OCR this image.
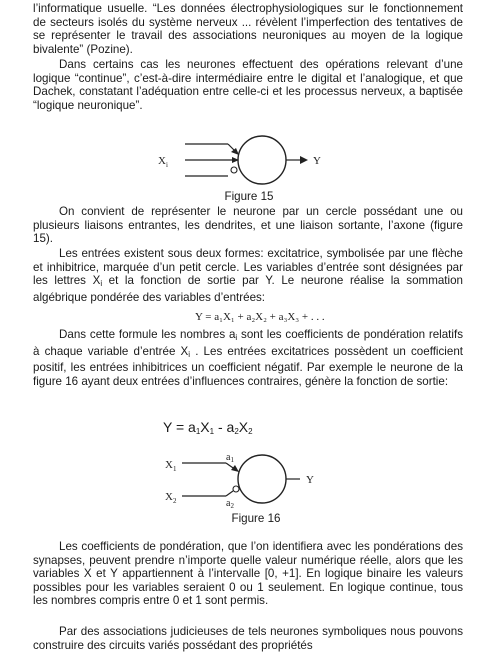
l’informatique usuelle. “Les données électrophysiologiques sur le fonctionnement de secteurs isolés du système nerveux ... révèlent l’imperfection des tentatives de se représenter le travail des associations neuroniques au moyen de la logique bivalente” (Pozine).

Dans certains cas les neurones effectuent des opérations relevant d’une logique “continue”, c’est-à-dire intermédiaire entre le digital et l’analogique, et que Dachek, constatant l’adéquation entre celle-ci et les processus nerveux, a baptisée “logique neuronique”.

$X_i$	Y
Figure 15

On convient de représenter le neurone par un cercle possédant une ou plusieurs liaisons entrantes, les dendrites, et une liaison sortante, l’axone (figure 15).

Les entrées existent sous deux formes: excitatrice, symbolisée par une flèche et inhibitrice, marquée d’un petit cercle. Les variables d’entrée sont désignées par les lettres $X_i$ et la fonction de sortie par Y. Le neurone réalise la sommation algébrique pondérée des variables d’entrées:

Y = a₁X₁ + a₂X₂ + a₃X₃ + . . .

Dans cette formule les nombres $a_i$ sont les coefficients de pondération relatifs à chaque variable d’entrée $X_i$ . Les entrées excitatrices possèdent un coefficient positif, les entrées inhibitrices un coefficient négatif. Par exemple le neurone de la figure 16 ayant deux entrées d’influences contraires, génère la fonction de sortie:

$Y = a_1X_1 - a_2X_2$
$X_1$
$X_2$
$a_1$
$a_2$
Y
Figure 16

Les coefficients de pondération, que l’on identifiera avec les pondérations des synapses, peuvent prendre n’importe quelle valeur numérique réelle, alors que les variables X et Y appartiennent à l’intervalle [0, +1]. En logique binaire les valeurs possibles pour les variables seraient 0 ou 1 seulement. En logique continue, tous les nombres compris entre 0 et 1 sont permis.

Par des associations judicieuses de tels neurones symboliques nous pouvons construire des circuits variés possédant des propriétés
